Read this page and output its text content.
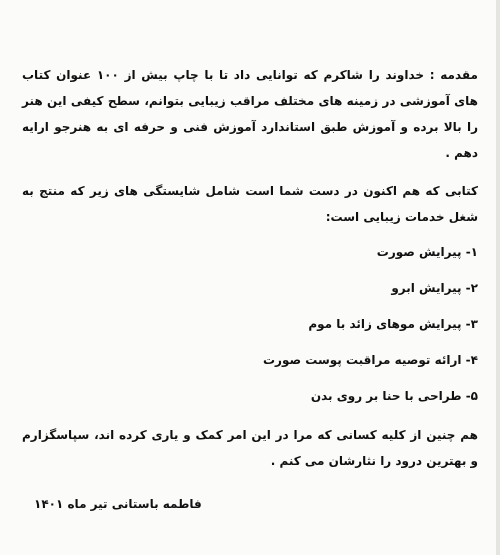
مقدمه : خداوند را شاکرم که توانایی داد تا با چاپ بیش از ۱۰۰ عنوان کتاب های آموزشی در زمینه های مختلف مراقب زیبایی بتوانم، سطح کیفی این هنر را بالا برده و آموزش طبق استاندارد آموزش فنی و حرفه ای به هنرجو ارایه دهم .

کتابی که هم اکنون در دست شما است شامل شایستگی های زیر که منتج به شغل خدمات زیبایی است:

۱- پیرایش صورت
۲- پیرایش ابرو
۳- پیرایش موهای زائد با موم
۴- ارائه توصیه مراقبت پوست صورت
۵- طراحی با حنا بر روی بدن

هم چنین از کلیه کسانی که مرا در این امر کمک و یاری کرده اند، سپاسگزارم و بهترین درود را نثارشان می کنم .

فاطمه باستانی تیر ماه ۱۴۰۱
